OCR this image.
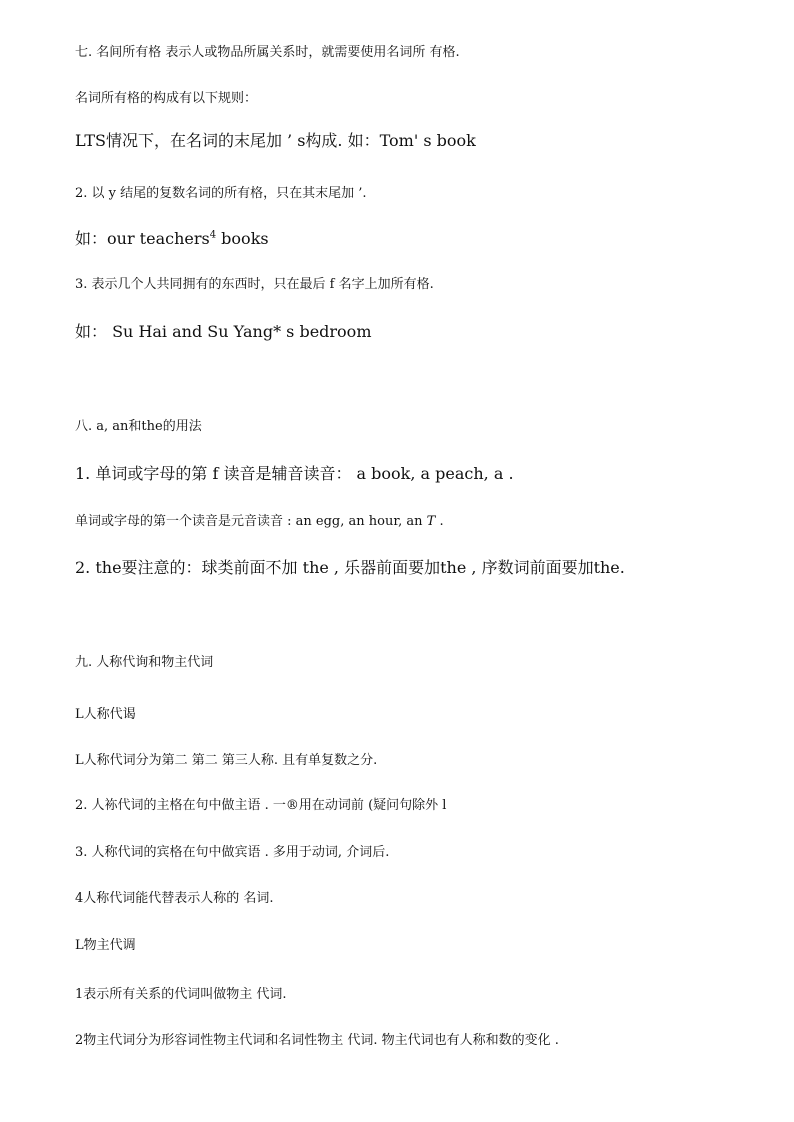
七. 名间所有格 表示人或物品所属关系时，就需要使用名词所 有格.
名词所有格的构成有以下规则：
LTS情况下，在名词的末尾加 ’ s构成. 如：Tom' s book
2. 以 y 结尾的复数名词的所有格，只在其末尾加 ’.
如：our teachers$^4$ books
3. 表示几个人共同拥有的东西时，只在最后 f 名字上加所有格.
如： Su Hai and Su Yang* s bedroom
八. a, an和the的用法
1. 单词或字母的第 f 读音是辅音读音： a book, a peach, a .
单词或字母的第一个读音是元音读音 : an egg, an hour, an T .
2. the要注意的：球类前面不加 the , 乐器前面要加the , 序数词前面要加the.
九. 人称代询和物主代词
L人称代谒
L人称代词分为第二 第二 第三人称. 且有单复数之分.
2. 人袮代词的主格在句中做主语 . 一®用在动词前 (疑问句除外 l
3. 人称代词的宾格在句中做宾语 . 多用于动词, 介词后.
4人称代词能代替表示人称的 名词.
L物主代调
1表示所有关系的代词叫做物主 代词.
2物主代词分为形容词性物主代词和名词性物主 代词. 物主代词也有人称和数的变化 .
